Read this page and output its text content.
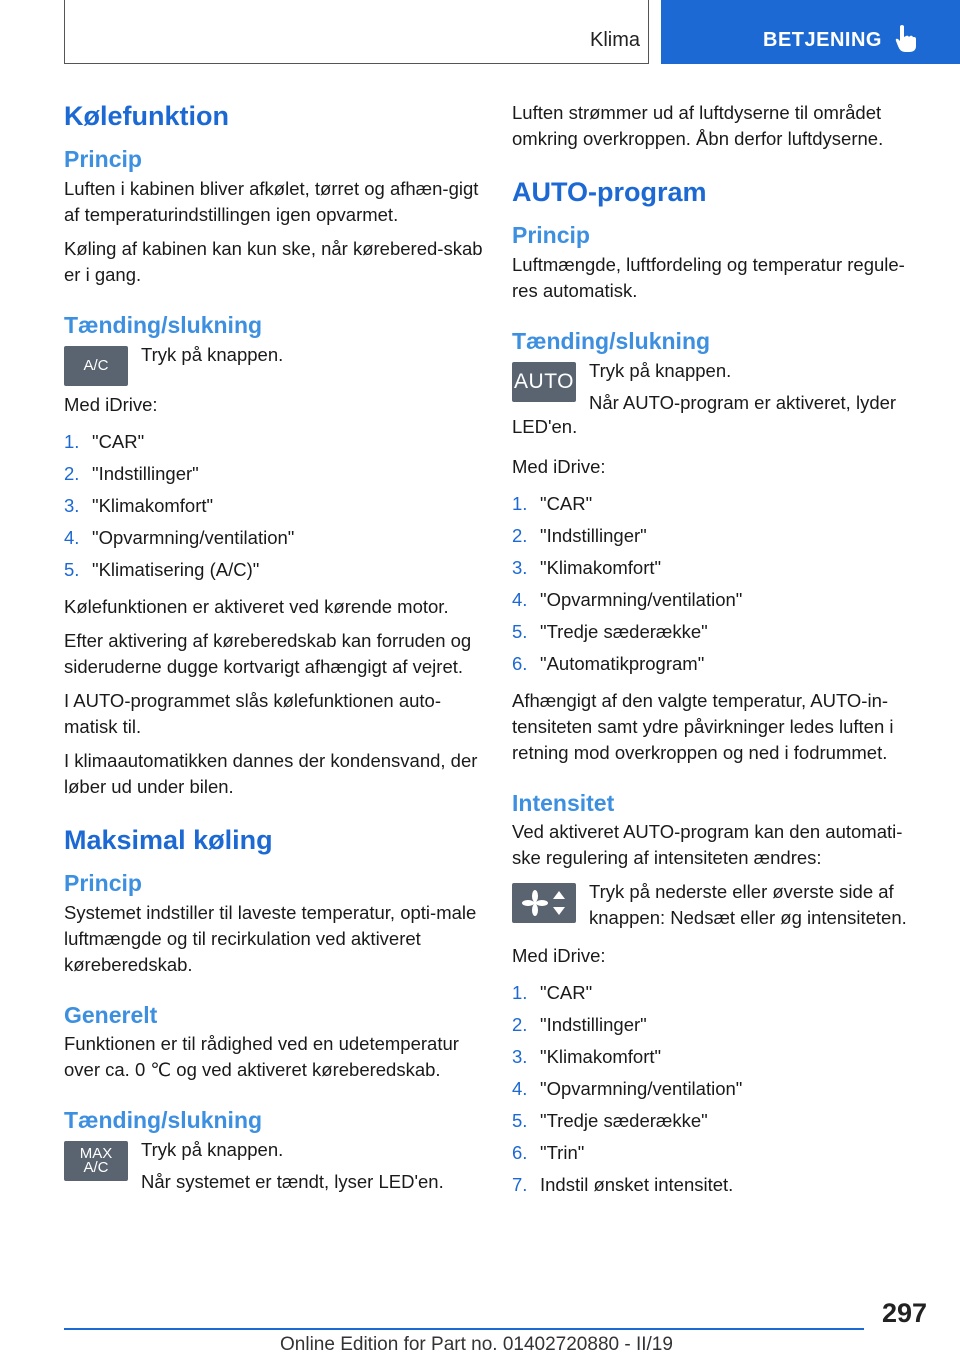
Klima	BETJENING
Kølefunktion
Princip

Luften i kabinen bliver afkølet, tørret og afhæn-gigt af temperaturindstillingen igen opvarmet.

Køling af kabinen kan kun ske, når kørebered-skab er i gang.

Tænding/slukning
A/C

Tryk på knappen.

Med iDrive:

1. "CAR"
2. "Indstillinger"
3. "Klimakomfort"
4. "Opvarmning/ventilation"
5. "Klimatisering (A/C)"

Kølefunktionen er aktiveret ved kørende motor.

Efter aktivering af køreberedskab kan forruden og sideruderne dugge kortvarigt afhængigt af vejret.

I AUTO-programmet slås kølefunktionen auto-matisk til.

I klimaautomatikken dannes der kondensvand, der løber ud under bilen.

Maksimal køling
Princip

Systemet indstiller til laveste temperatur, opti-male luftmængde og til recirkulation ved aktiveret køreberedskab.

Generelt

Funktionen er til rådighed ved en udetemperatur over ca. 0 ℃ og ved aktiveret køreberedskab.

Tænding/slukning
MAX
A/C

Tryk på knappen.

Når systemet er tændt, lyser LED'en.

Luften strømmer ud af luftdyserne til området omkring overkroppen. Åbn derfor luftdyserne.

AUTO-program
Princip

Luftmængde, luftfordeling og temperatur regule-res automatisk.

Tænding/slukning
AUTO Tryk på knappen.

Når AUTO-program er aktiveret, lyder

LED'en.

Med iDrive:

1. "CAR"
2. "Indstillinger"
3. "Klimakomfort"
4. "Opvarmning/ventilation"
5. "Tredje sæderække"
6. "Automatikprogram"

Afhængigt af den valgte temperatur, AUTO-in-tensiteten samt ydre påvirkninger ledes luften i retning mod overkroppen og ned i fodrummet.

Intensitet

Ved aktiveret AUTO-program kan den automati-ske regulering af intensiteten ændres:

Tryk på nederste eller øverste side af knappen: Nedsæt eller øg intensiteten.

Med iDrive:

1. "CAR"
2. "Indstillinger"
3. "Klimakomfort"
4. "Opvarmning/ventilation"
5. "Tredje sæderække"
6. "Trin"
7. Indstil ønsket intensitet.
297
Online Edition for Part no. 01402720880 - II/19
